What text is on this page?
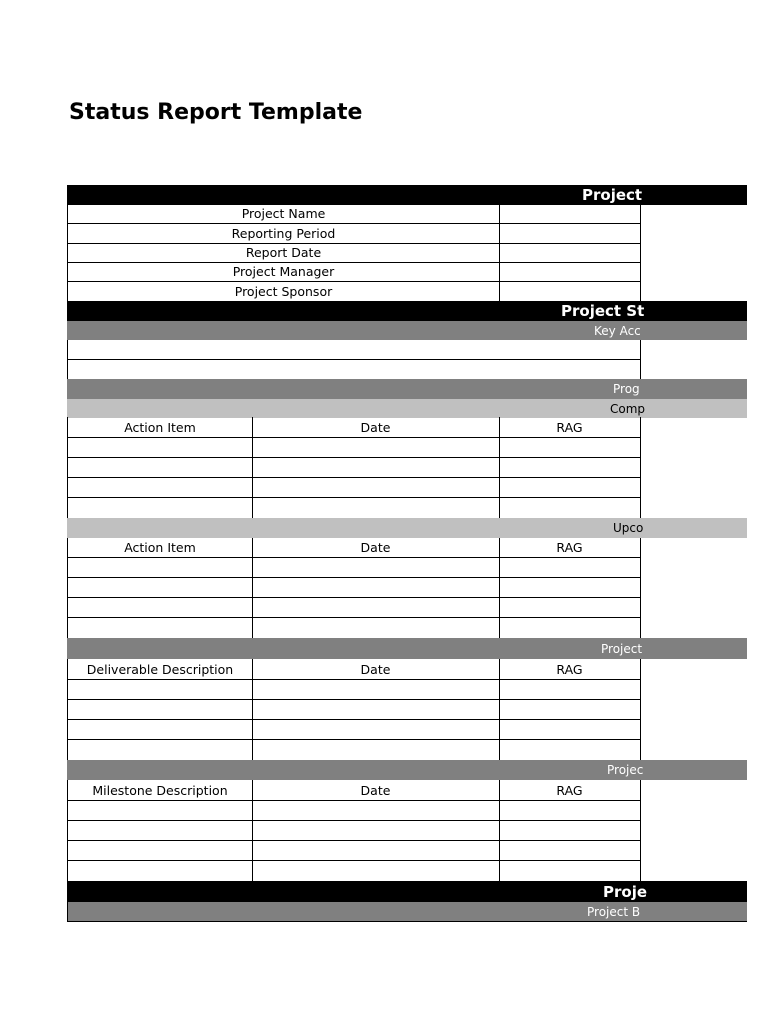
Status Report Template
Project
Project Name
Reporting Period
Report Date
Project Manager
Project Sponsor
Project St
Key Acc
Prog
Comp
Action Item	Date	RAG
Upco
Action Item	Date	RAG
Project
Deliverable Description	Date	RAG
Projec
Milestone Description	Date	RAG
Proje
Project B
